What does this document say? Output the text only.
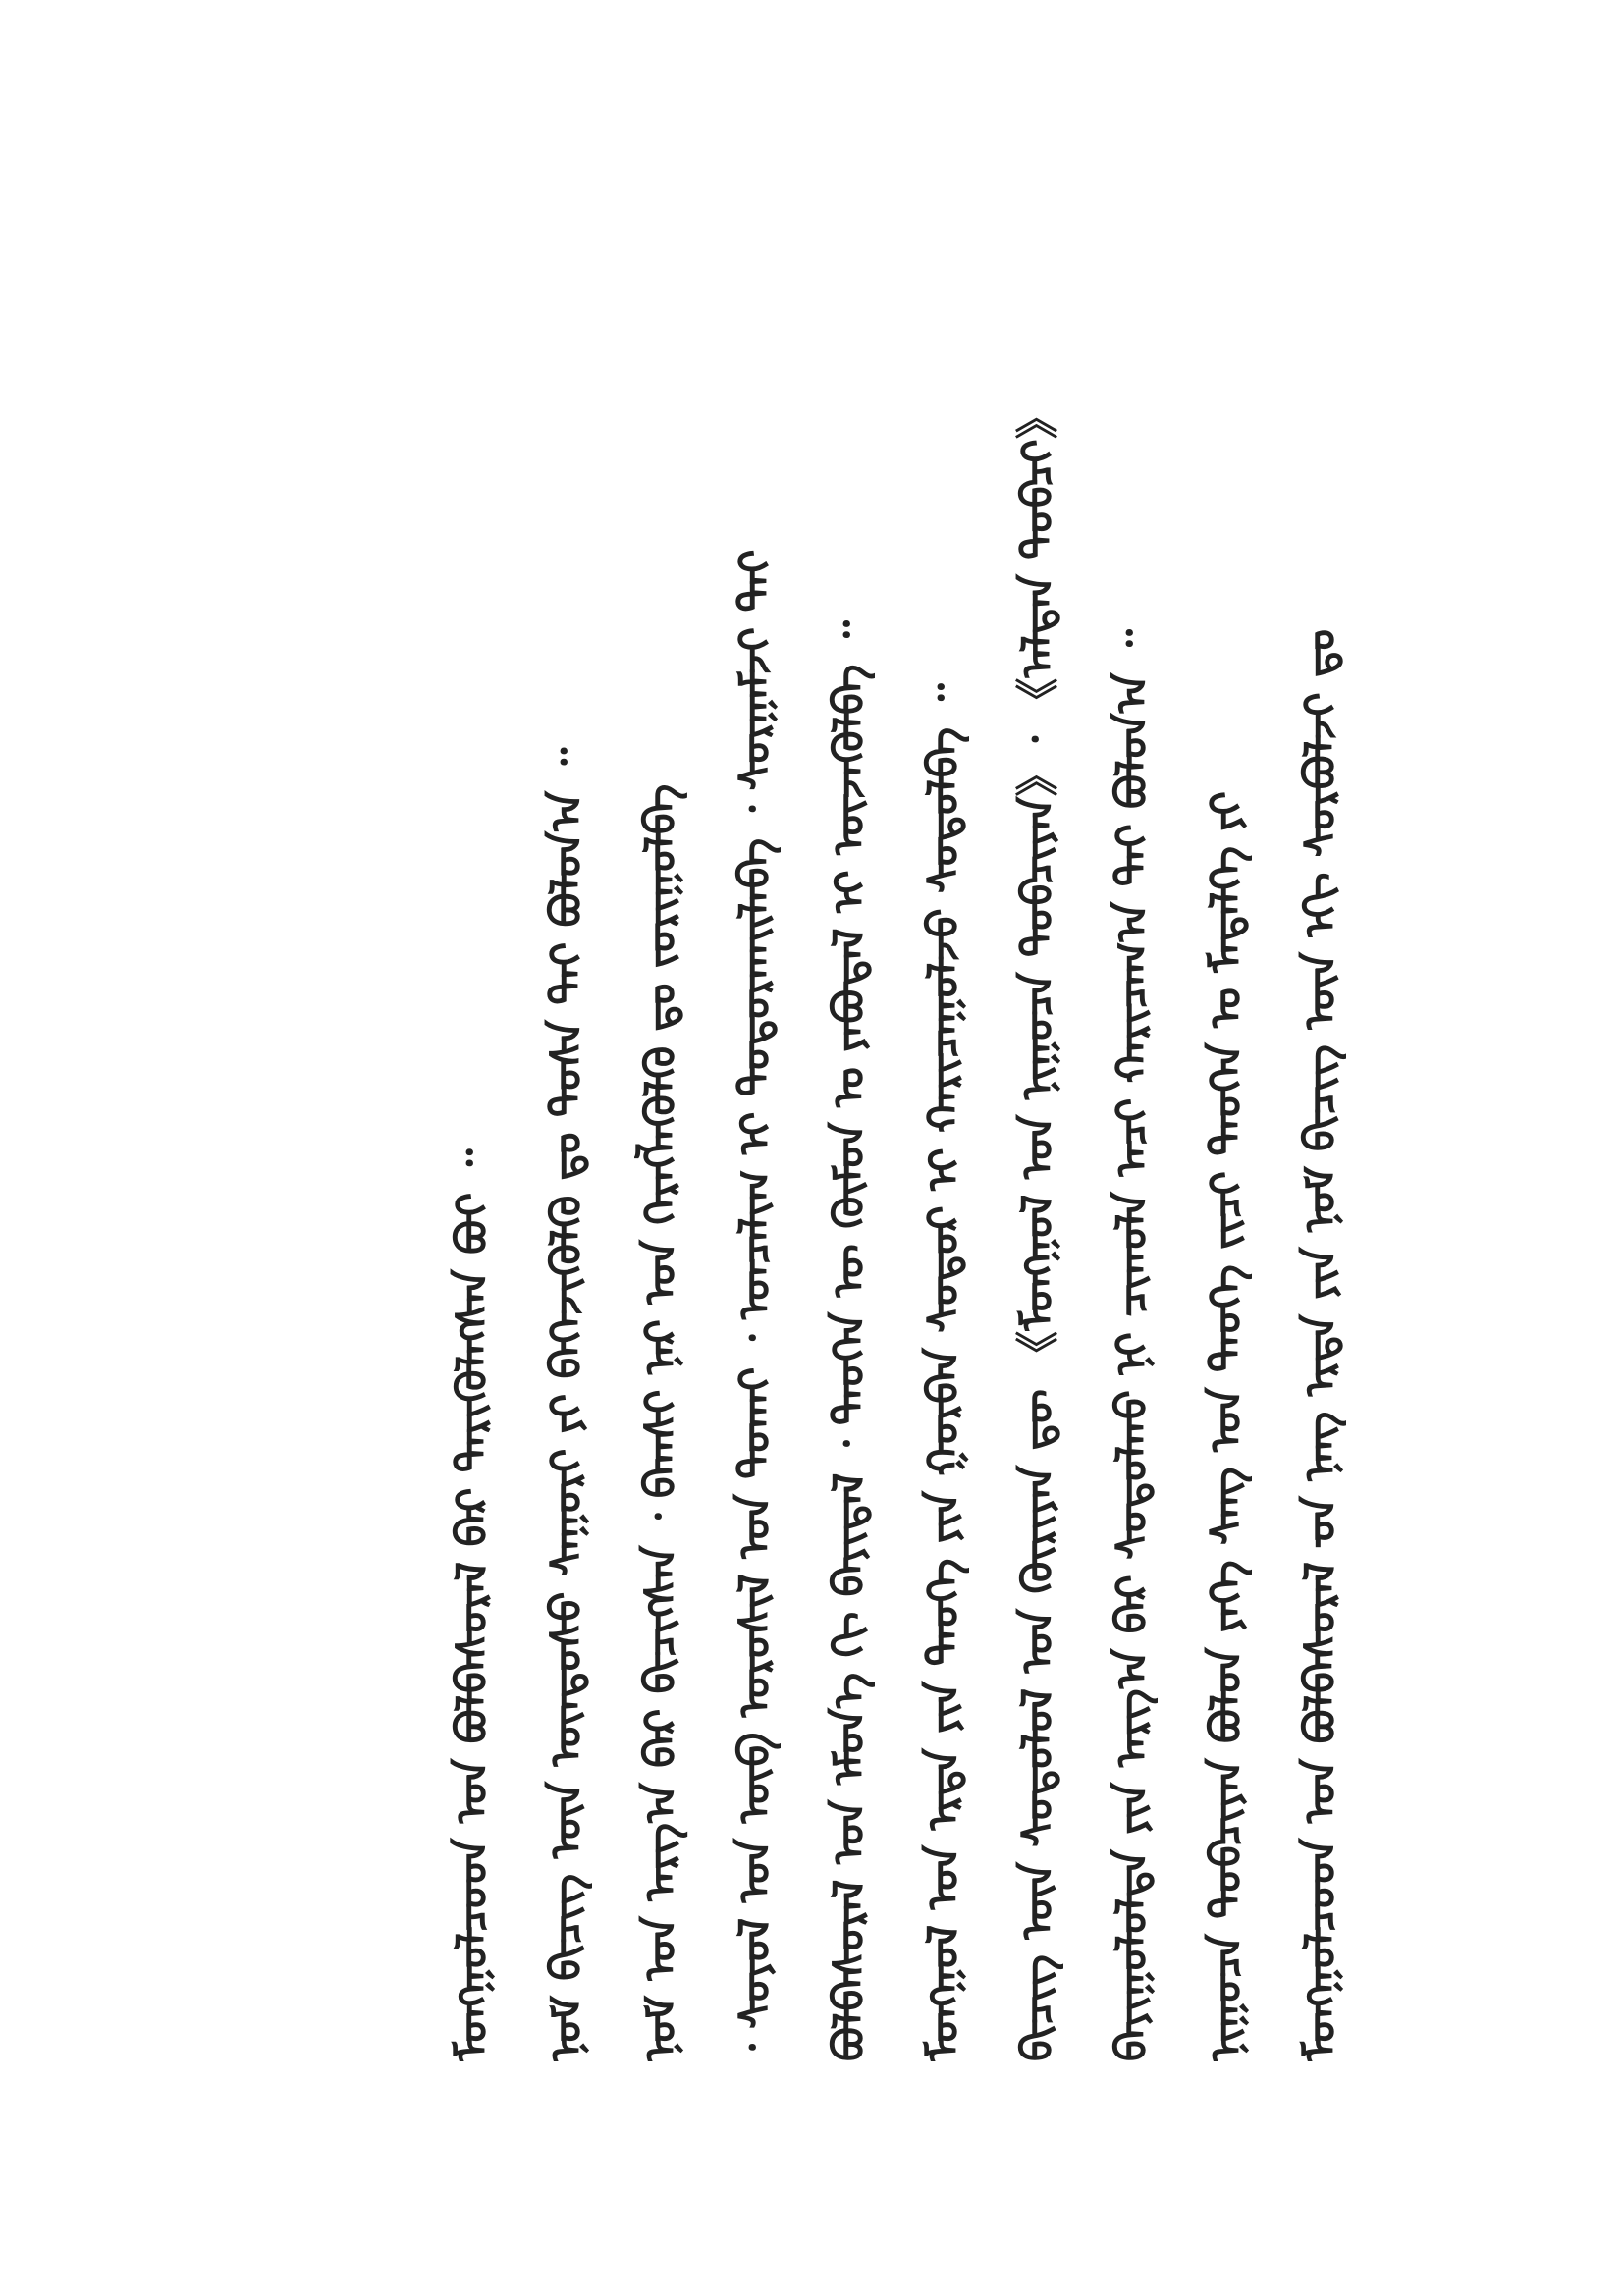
ᠮᠣᠩᠭᠣᠯᠴᠤᠳ ᠤᠨ ᠪᠣᠯᠪᠠᠰᠤᠷᠠᠯ ᠊ᠤᠨ ᠨᠡᠩ ᠡᠷᠲᠡ ᠶᠢᠨ ᠨᠣᠮ ᠪᠢᠴᠢᠭ ᠦᠨ ᠡᠬᠢ ᠰᠤᠷᠪᠤᠯᠵᠢ ᠳᠤ
ᠨᠢᠭᠤᠴᠠ ᠲᠣᠪᠴᠢᠶᠠᠨ ᠪᠣᠯᠤᠨ ᠶᠡᠬᠡ ᠰᠠᠩ ᠤᠨ ᠲᠡᠤᠬᠡ ᠵᠢᠴᠢ ᠲᠡᠦᠬᠡᠨ ᠤ ᠮᠡᠳᠡᠯᠭᠡ ᠶᠢ
ᠪᠠᠶᠢᠭᠤᠯᠤᠯᠲᠠ ᠶᠢᠨ ᠠᠷᠭ᠎ᠠ ᠪᠠᠷ ᠰᠤᠳᠤᠯᠬᠤ ᠨᠢ ᠴᠢᠬᠤᠯᠠ ᠠᠴᠢ ᠬᠠᠷᠢᠴᠠᠭ᠎ᠠ ᠲᠠᠢ ᠪᠣᠯᠤᠨ᠎ᠠ ᠃
ᠪᠢᠴᠢᠭ ᠦᠨ ᠰᠤᠳᠤᠯᠤᠯ ᠤᠨ ᠬᠦᠷᠢᠶᠡᠨ ᠳᠦ 《ᠮᠣᠩᠭᠣᠯ ᠤᠨ ᠨᠢᠭᠤᠴᠠ ᠲᠣᠪᠴᠢᠶᠠᠨ》᠂ 《ᠠᠯᠲᠠᠨ ᠲᠣᠪᠴᠢ》
ᠮᠣᠩᠭᠣᠯ ᠤᠨ ᠡᠷᠲᠡ ᠶᠢᠨ ᠲᠡᠦᠬᠡ ᠶᠢᠨ ᠭᠤᠷᠪᠠᠨ ᠰᠤᠳᠤᠷ ᠢ ᠬᠠᠷᠢᠴᠠᠭᠤᠯᠵᠤ ᠰᠤᠳᠤᠯᠪᠠ ᠃
ᠪᠣᠯᠪᠠᠰᠤᠷᠠᠯ ᠤᠨ ᠡᠮᠦᠨ᠎ᠡ ᠬᠢ ᠪᠠᠶᠢᠳᠠᠯ ᠂ ᠲᠡᠦᠬᠡᠨ ᠦ ᠬᠦᠮᠦᠨ ᠤ ᠶᠠᠪᠤᠳᠠᠯ ᠢ ᠦᠵᠡᠭᠦᠯᠪᠡ ᠃
᠂ ᠰᠣᠶᠣᠯ ᠤᠨ ᠦᠪ ᠣᠷᠤᠰᠢᠯ ᠤᠨ ᠲᠤᠬᠠᠢ ᠂ ᠣᠨᠴᠠᠯᠢᠭ ᠢ ᠲᠣᠳᠣᠷᠬᠠᠢᠯᠠᠪᠠ ᠂ ᠰᠤᠷᠭᠠᠮᠵᠢ ᠲᠠᠢ
ᠨᠣᠮ ᠤᠨ ᠠᠷᠭ᠎ᠠ ᠪᠠᠷ ᠪᠢᠴᠢᠭᠰᠡᠨ ᠂ ᠪᠠᠭᠰᠢ ᠨᠠᠷ ᠤᠨ ᠬᠡᠷᠡᠭᠯᠡᠭᠦᠯᠬᠦ ᠳᠤ ᠵᠣᠷᠢᠭᠤᠯᠪᠠ
ᠨᠣᠮ ᠪᠢᠴᠢᠭ ᠦᠨ ᠦᠨᠳᠦᠰᠦ ᠰᠠᠭᠤᠷᠢ ᠶᠢ ᠪᠡᠬᠡᠵᠢᠭᠦᠯᠬᠦ ᠳᠤ ᠲᠤᠰᠠ ᠲᠠᠢ ᠪᠣᠯᠤᠨ᠎ᠠ ᠃
ᠮᠣᠩᠭᠣᠯᠴᠤᠳ ᠤᠨ ᠪᠣᠯᠪᠠᠰᠤᠷᠠᠯ ᠪᠠᠷ ᠲᠡᠷᠢᠭᠦᠯᠡᠭᠰᠡᠨ ᠪᠤᠢ ᠃
